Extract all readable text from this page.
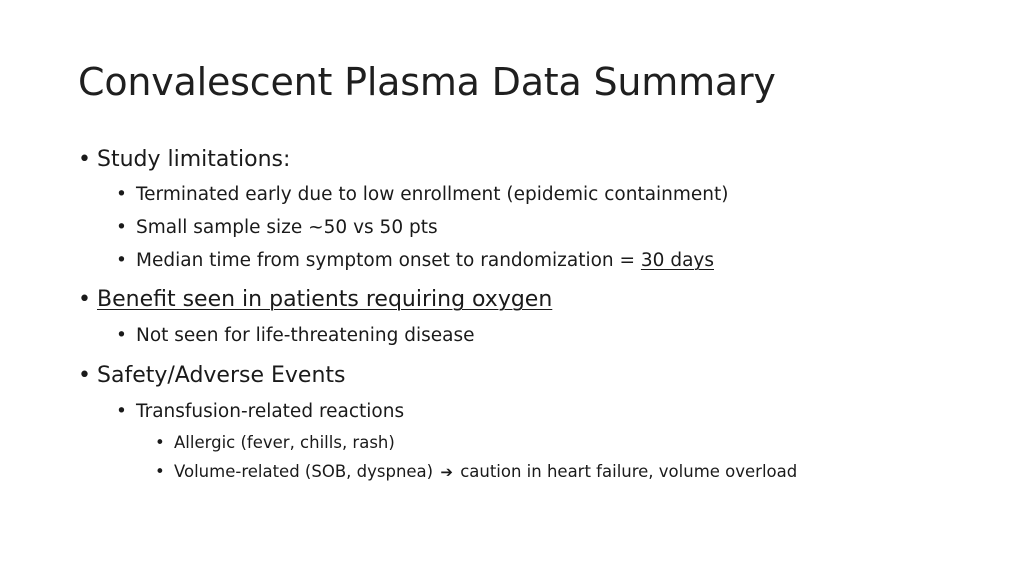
Convalescent Plasma Data Summary
• Study limitations:
• Terminated early due to low enrollment (epidemic containment)
• Small sample size ~50 vs 50 pts
• Median time from symptom onset to randomization = 30 days
• Benefit seen in patients requiring oxygen
• Not seen for life-threatening disease
• Safety/Adverse Events
• Transfusion-related reactions
• Allergic (fever, chills, rash)
• Volume-related (SOB, dyspnea) ➔ caution in heart failure, volume overload
